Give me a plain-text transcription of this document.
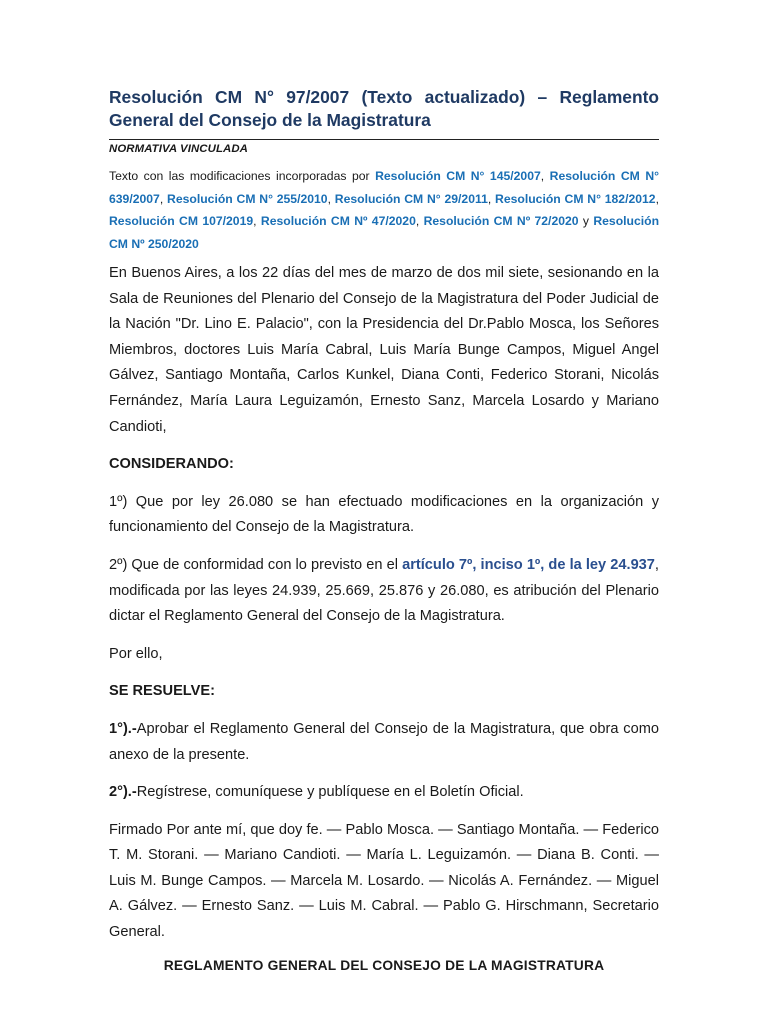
Resolución CM N° 97/2007 (Texto actualizado) – Reglamento General del Consejo de la Magistratura
NORMATIVA VINCULADA

Texto con las modificaciones incorporadas por Resolución CM N° 145/2007, Resolución CM N° 639/2007, Resolución CM N° 255/2010, Resolución CM N° 29/2011, Resolución CM N° 182/2012, Resolución CM 107/2019, Resolución CM Nº 47/2020, Resolución CM Nº 72/2020 y Resolución CM Nº 250/2020

En Buenos Aires, a los 22 días del mes de marzo de dos mil siete, sesionando en la Sala de Reuniones del Plenario del Consejo de la Magistratura del Poder Judicial de la Nación "Dr. Lino E. Palacio", con la Presidencia del Dr.Pablo Mosca, los Señores Miembros, doctores Luis María Cabral, Luis María Bunge Campos, Miguel Angel Gálvez, Santiago Montaña, Carlos Kunkel, Diana Conti, Federico Storani, Nicolás Fernández, María Laura Leguizamón, Ernesto Sanz, Marcela Losardo y Mariano Candioti,

CONSIDERANDO:

1º) Que por ley 26.080 se han efectuado modificaciones en la organización y funcionamiento del Consejo de la Magistratura.

2º) Que de conformidad con lo previsto en el artículo 7º, inciso 1º, de la ley 24.937, modificada por las leyes 24.939, 25.669, 25.876 y 26.080, es atribución del Plenario dictar el Reglamento General del Consejo de la Magistratura.

Por ello,

SE RESUELVE:

1°).-Aprobar el Reglamento General del Consejo de la Magistratura, que obra como anexo de la presente.

2°).-Regístrese, comuníquese y publíquese en el Boletín Oficial.

Firmado Por ante mí, que doy fe. — Pablo Mosca. — Santiago Montaña. — Federico T. M. Storani. — Mariano Candioti. — María L. Leguizamón. — Diana B. Conti. — Luis M. Bunge Campos. — Marcela M. Losardo. — Nicolás A. Fernández. — Miguel A. Gálvez. — Ernesto Sanz. — Luis M. Cabral. — Pablo G. Hirschmann, Secretario General.

REGLAMENTO GENERAL DEL CONSEJO DE LA MAGISTRATURA
